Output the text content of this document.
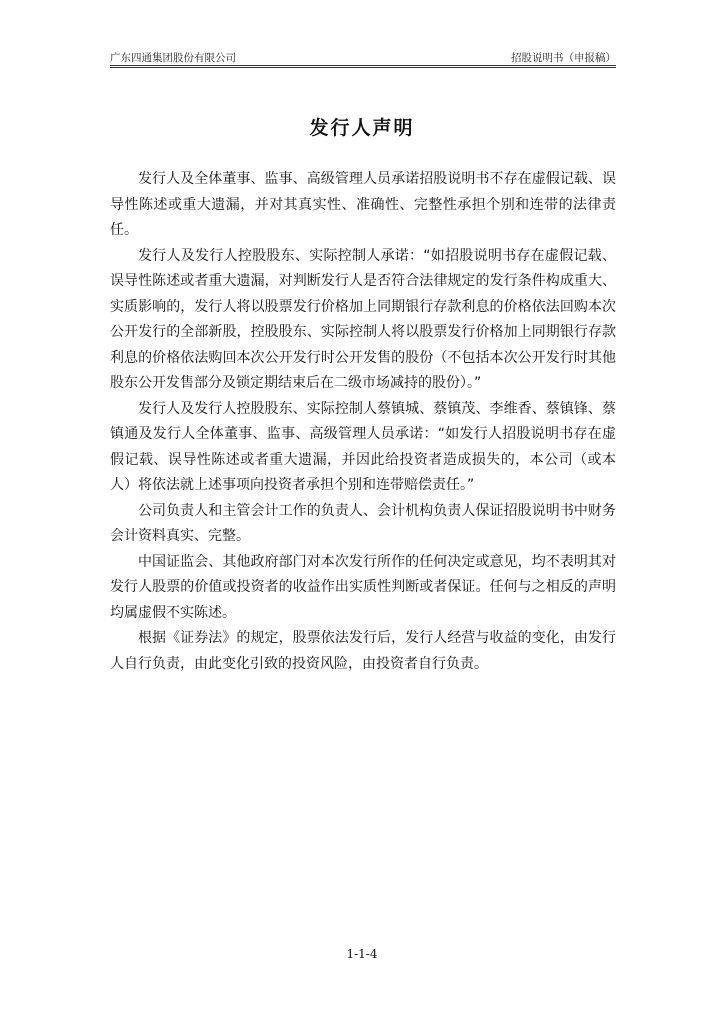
广东四通集团股份有限公司	招股说明书（申报稿）
发行人声明

发行人及全体董事、监事、高级管理人员承诺招股说明书不存在虚假记载、误导性陈述或重大遗漏，并对其真实性、准确性、完整性承担个别和连带的法律责任。

发行人及发行人控股股东、实际控制人承诺：“如招股说明书存在虚假记载、误导性陈述或者重大遗漏，对判断发行人是否符合法律规定的发行条件构成重大、实质影响的，发行人将以股票发行价格加上同期银行存款利息的价格依法回购本次公开发行的全部新股，控股股东、实际控制人将以股票发行价格加上同期银行存款利息的价格依法购回本次公开发行时公开发售的股份（不包括本次公开发行时其他股东公开发售部分及锁定期结束后在二级市场减持的股份）。”

发行人及发行人控股股东、实际控制人蔡镇城、蔡镇茂、李维香、蔡镇锋、蔡镇通及发行人全体董事、监事、高级管理人员承诺：“如发行人招股说明书存在虚假记载、误导性陈述或者重大遗漏，并因此给投资者造成损失的，本公司（或本人）将依法就上述事项向投资者承担个别和连带赔偿责任。”

公司负责人和主管会计工作的负责人、会计机构负责人保证招股说明书中财务会计资料真实、完整。

中国证监会、其他政府部门对本次发行所作的任何决定或意见，均不表明其对发行人股票的价值或投资者的收益作出实质性判断或者保证。任何与之相反的声明均属虚假不实陈述。

根据《证券法》的规定，股票依法发行后，发行人经营与收益的变化，由发行人自行负责，由此变化引致的投资风险，由投资者自行负责。

1-1-4
